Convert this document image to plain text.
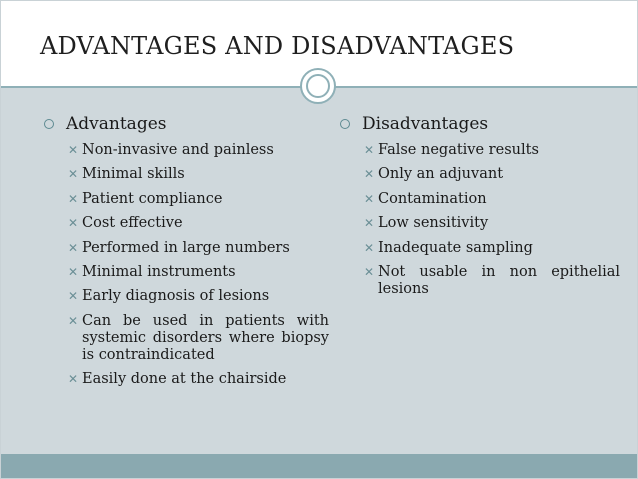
ADVANTAGES AND DISADVANTAGES
Advantages
✕ Non-invasive and painless
✕ Minimal skills
✕ Patient compliance
✕ Cost effective
✕ Performed in large numbers
✕ Minimal instruments
✕ Early diagnosis of lesions
✕ Can be used in patients with systemic disorders where biopsy is contraindicated
✕ Easily done at the chairside
Disadvantages
✕ False negative results
✕ Only an adjuvant
✕ Contamination
✕ Low sensitivity
✕ Inadequate sampling
✕ Not usable in non epithelial lesions
